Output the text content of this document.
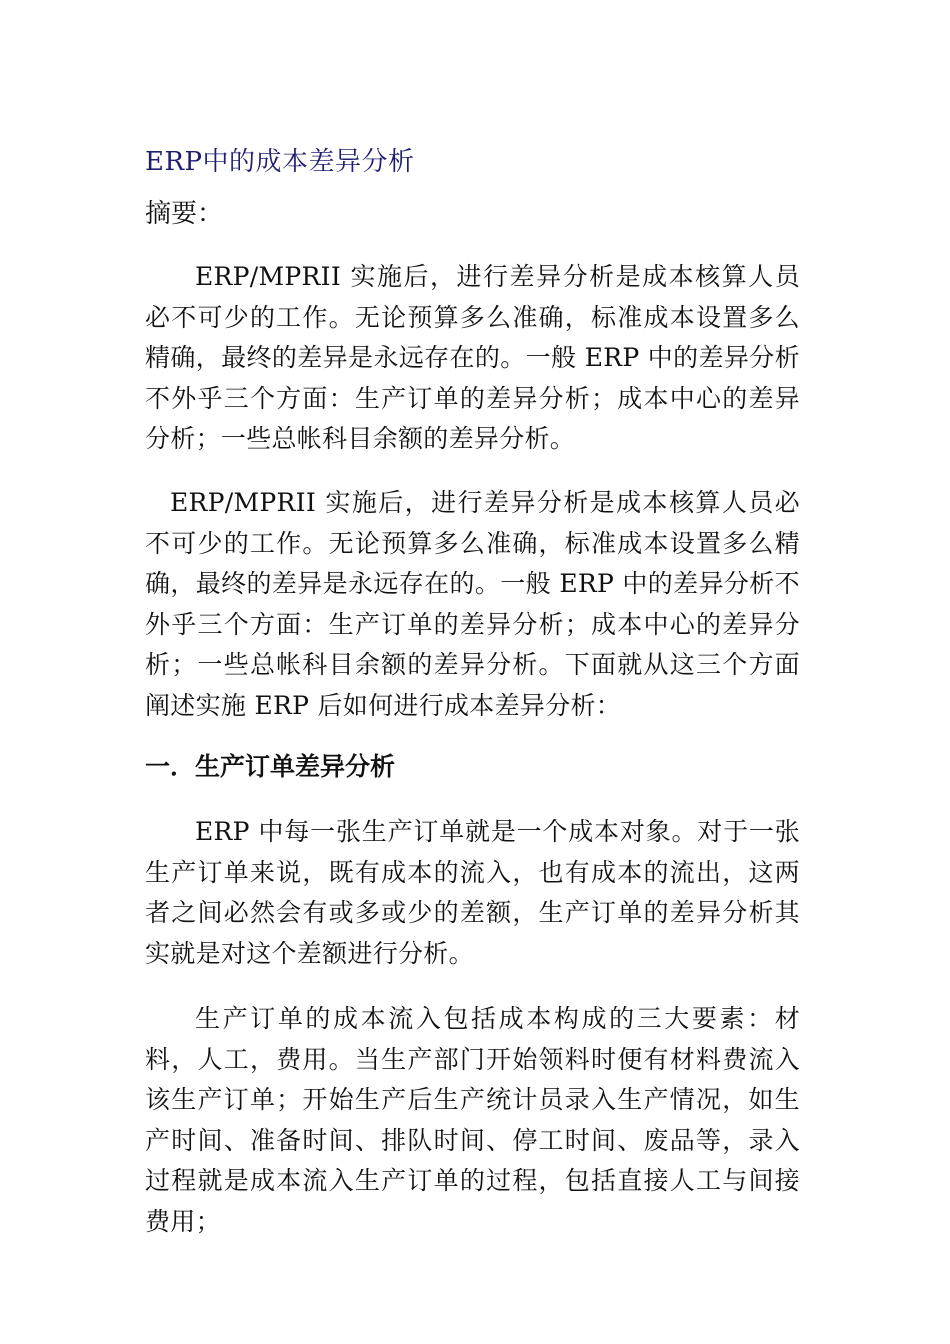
ERP中的成本差异分析
摘要：

ERP/MPRII 实施后，进行差异分析是成本核算人员必不可少的工作。无论预算多么准确，标准成本设置多么精确，最终的差异是永远存在的。一般 ERP 中的差异分析不外乎三个方面：生产订单的差异分析；成本中心的差异分析；一些总帐科目余额的差异分析。

ERP/MPRII 实施后，进行差异分析是成本核算人员必不可少的工作。无论预算多么准确，标准成本设置多么精确，最终的差异是永远存在的。一般 ERP 中的差异分析不外乎三个方面：生产订单的差异分析；成本中心的差异分析；一些总帐科目余额的差异分析。下面就从这三个方面阐述实施 ERP 后如何进行成本差异分析：

一．生产订单差异分析

ERP 中每一张生产订单就是一个成本对象。对于一张生产订单来说，既有成本的流入，也有成本的流出，这两者之间必然会有或多或少的差额，生产订单的差异分析其实就是对这个差额进行分析。

生产订单的成本流入包括成本构成的三大要素：材料，人工，费用。当生产部门开始领料时便有材料费流入该生产订单；开始生产后生产统计员录入生产情况，如生产时间、准备时间、排队时间、停工时间、废品等，录入过程就是成本流入生产订单的过程，包括直接人工与间接费用；
